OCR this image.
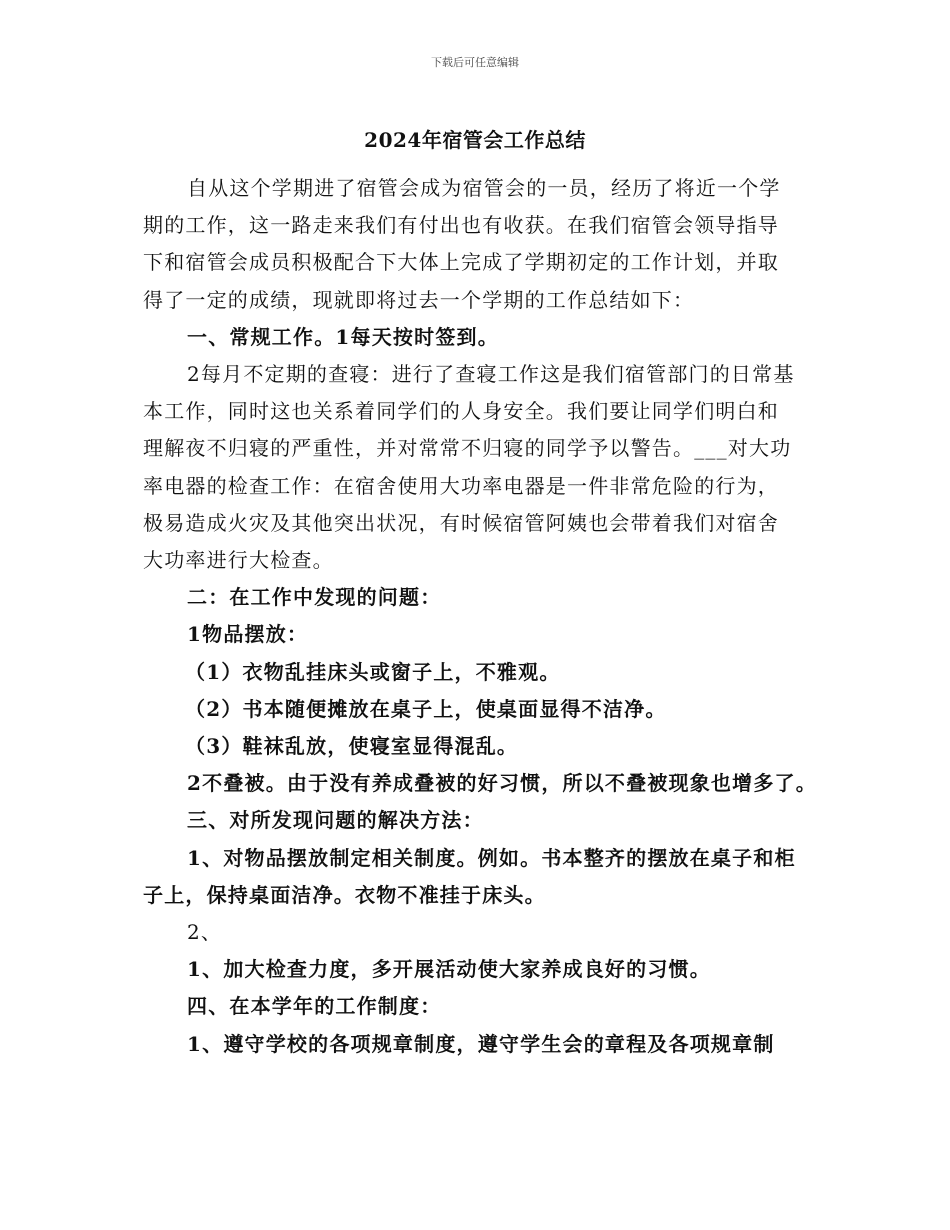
下载后可任意编辑
2024年宿管会工作总结

自从这个学期进了宿管会成为宿管会的一员，经历了将近一个学

期的工作，这一路走来我们有付出也有收获。在我们宿管会领导指导

下和宿管会成员积极配合下大体上完成了学期初定的工作计划，并取

得了一定的成绩，现就即将过去一个学期的工作总结如下：

一、常规工作。1每天按时签到。

2每月不定期的查寝：进行了查寝工作这是我们宿管部门的日常基

本工作，同时这也关系着同学们的人身安全。我们要让同学们明白和

理解夜不归寝的严重性，并对常常不归寝的同学予以警告。___对大功

率电器的检查工作：在宿舍使用大功率电器是一件非常危险的行为，

极易造成火灾及其他突出状况，有时候宿管阿姨也会带着我们对宿舍

大功率进行大检查。

二：在工作中发现的问题：

1物品摆放：

（1）衣物乱挂床头或窗子上，不雅观。

（2）书本随便摊放在桌子上，使桌面显得不洁净。

（3）鞋袜乱放，使寝室显得混乱。

2不叠被。由于没有养成叠被的好习惯，所以不叠被现象也增多了。

三、对所发现问题的解决方法：

1、对物品摆放制定相关制度。例如。书本整齐的摆放在桌子和柜

子上，保持桌面洁净。衣物不准挂于床头。

2、

1、加大检查力度，多开展活动使大家养成良好的习惯。

四、在本学年的工作制度：

1、遵守学校的各项规章制度，遵守学生会的章程及各项规章制
